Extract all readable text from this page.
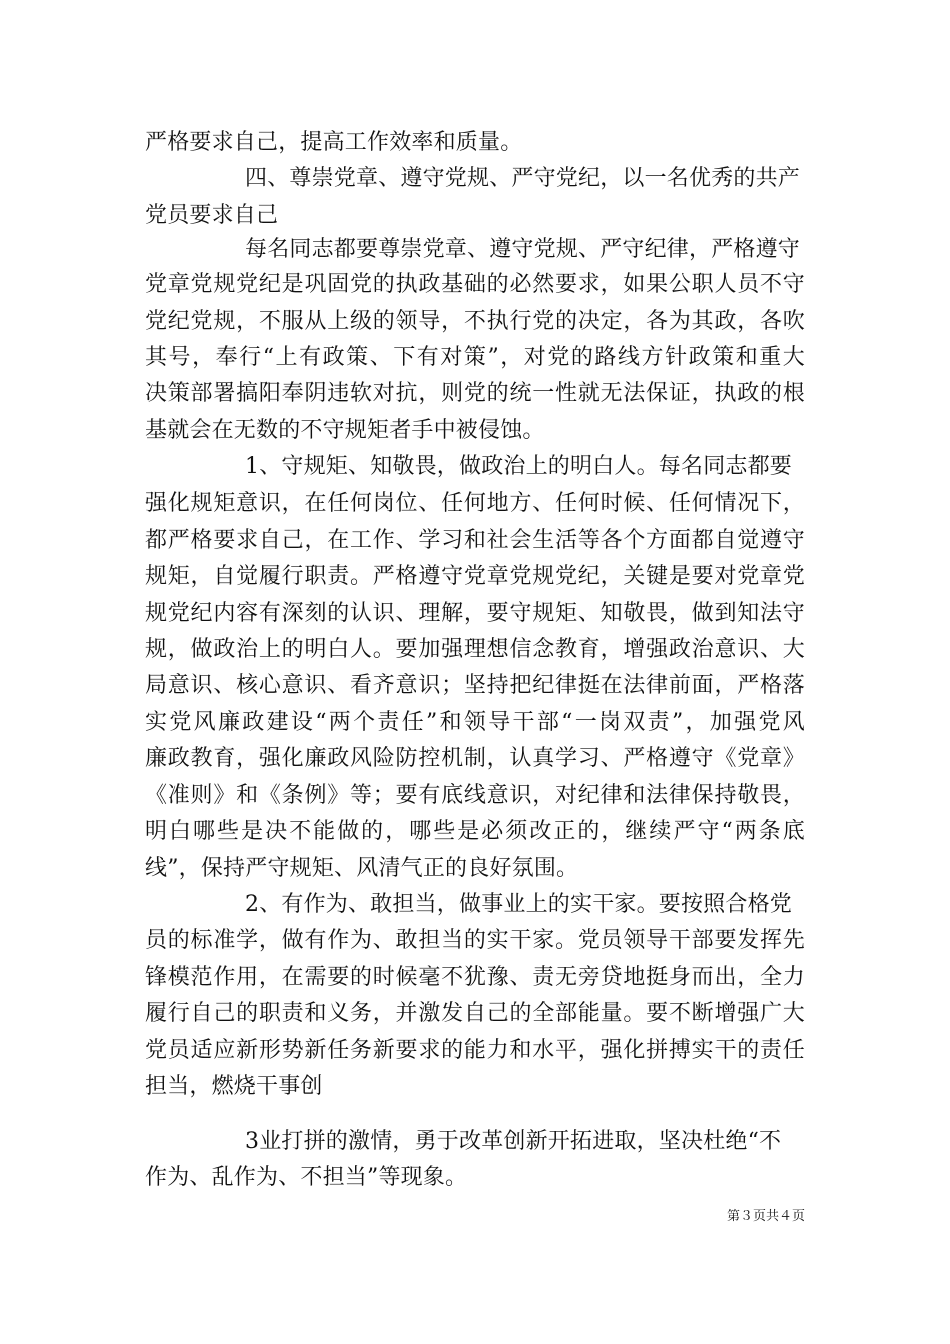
严格要求自己，提高工作效率和质量。
四、尊崇党章、遵守党规、严守党纪，以一名优秀的共产
党员要求自己
每名同志都要尊崇党章、遵守党规、严守纪律，严格遵守
党章党规党纪是巩固党的执政基础的必然要求，如果公职人员不守
党纪党规，不服从上级的领导，不执行党的决定，各为其政，各吹
其号，奉行“上有政策、下有对策”，对党的路线方针政策和重大
决策部署搞阳奉阴违软对抗，则党的统一性就无法保证，执政的根
基就会在无数的不守规矩者手中被侵蚀。
1、守规矩、知敬畏，做政治上的明白人。每名同志都要
强化规矩意识，在任何岗位、任何地方、任何时候、任何情况下，
都严格要求自己，在工作、学习和社会生活等各个方面都自觉遵守
规矩，自觉履行职责。严格遵守党章党规党纪，关键是要对党章党
规党纪内容有深刻的认识、理解，要守规矩、知敬畏，做到知法守
规，做政治上的明白人。要加强理想信念教育，增强政治意识、大
局意识、核心意识、看齐意识；坚持把纪律挺在法律前面，严格落
实党风廉政建设“两个责任”和领导干部“一岗双责”，加强党风
廉政教育，强化廉政风险防控机制，认真学习、严格遵守《党章》
《准则》和《条例》等；要有底线意识，对纪律和法律保持敬畏，
明白哪些是决不能做的，哪些是必须改正的，继续严守“两条底
线”，保持严守规矩、风清气正的良好氛围。
2、有作为、敢担当，做事业上的实干家。要按照合格党
员的标准学，做有作为、敢担当的实干家。党员领导干部要发挥先
锋模范作用，在需要的时候毫不犹豫、责无旁贷地挺身而出，全力
履行自己的职责和义务，并激发自己的全部能量。要不断增强广大
党员适应新形势新任务新要求的能力和水平，强化拼搏实干的责任
担当，燃烧干事创
3业打拼的激情，勇于改革创新开拓进取，坚决杜绝“不
作为、乱作为、不担当”等现象。
第３页共４页
